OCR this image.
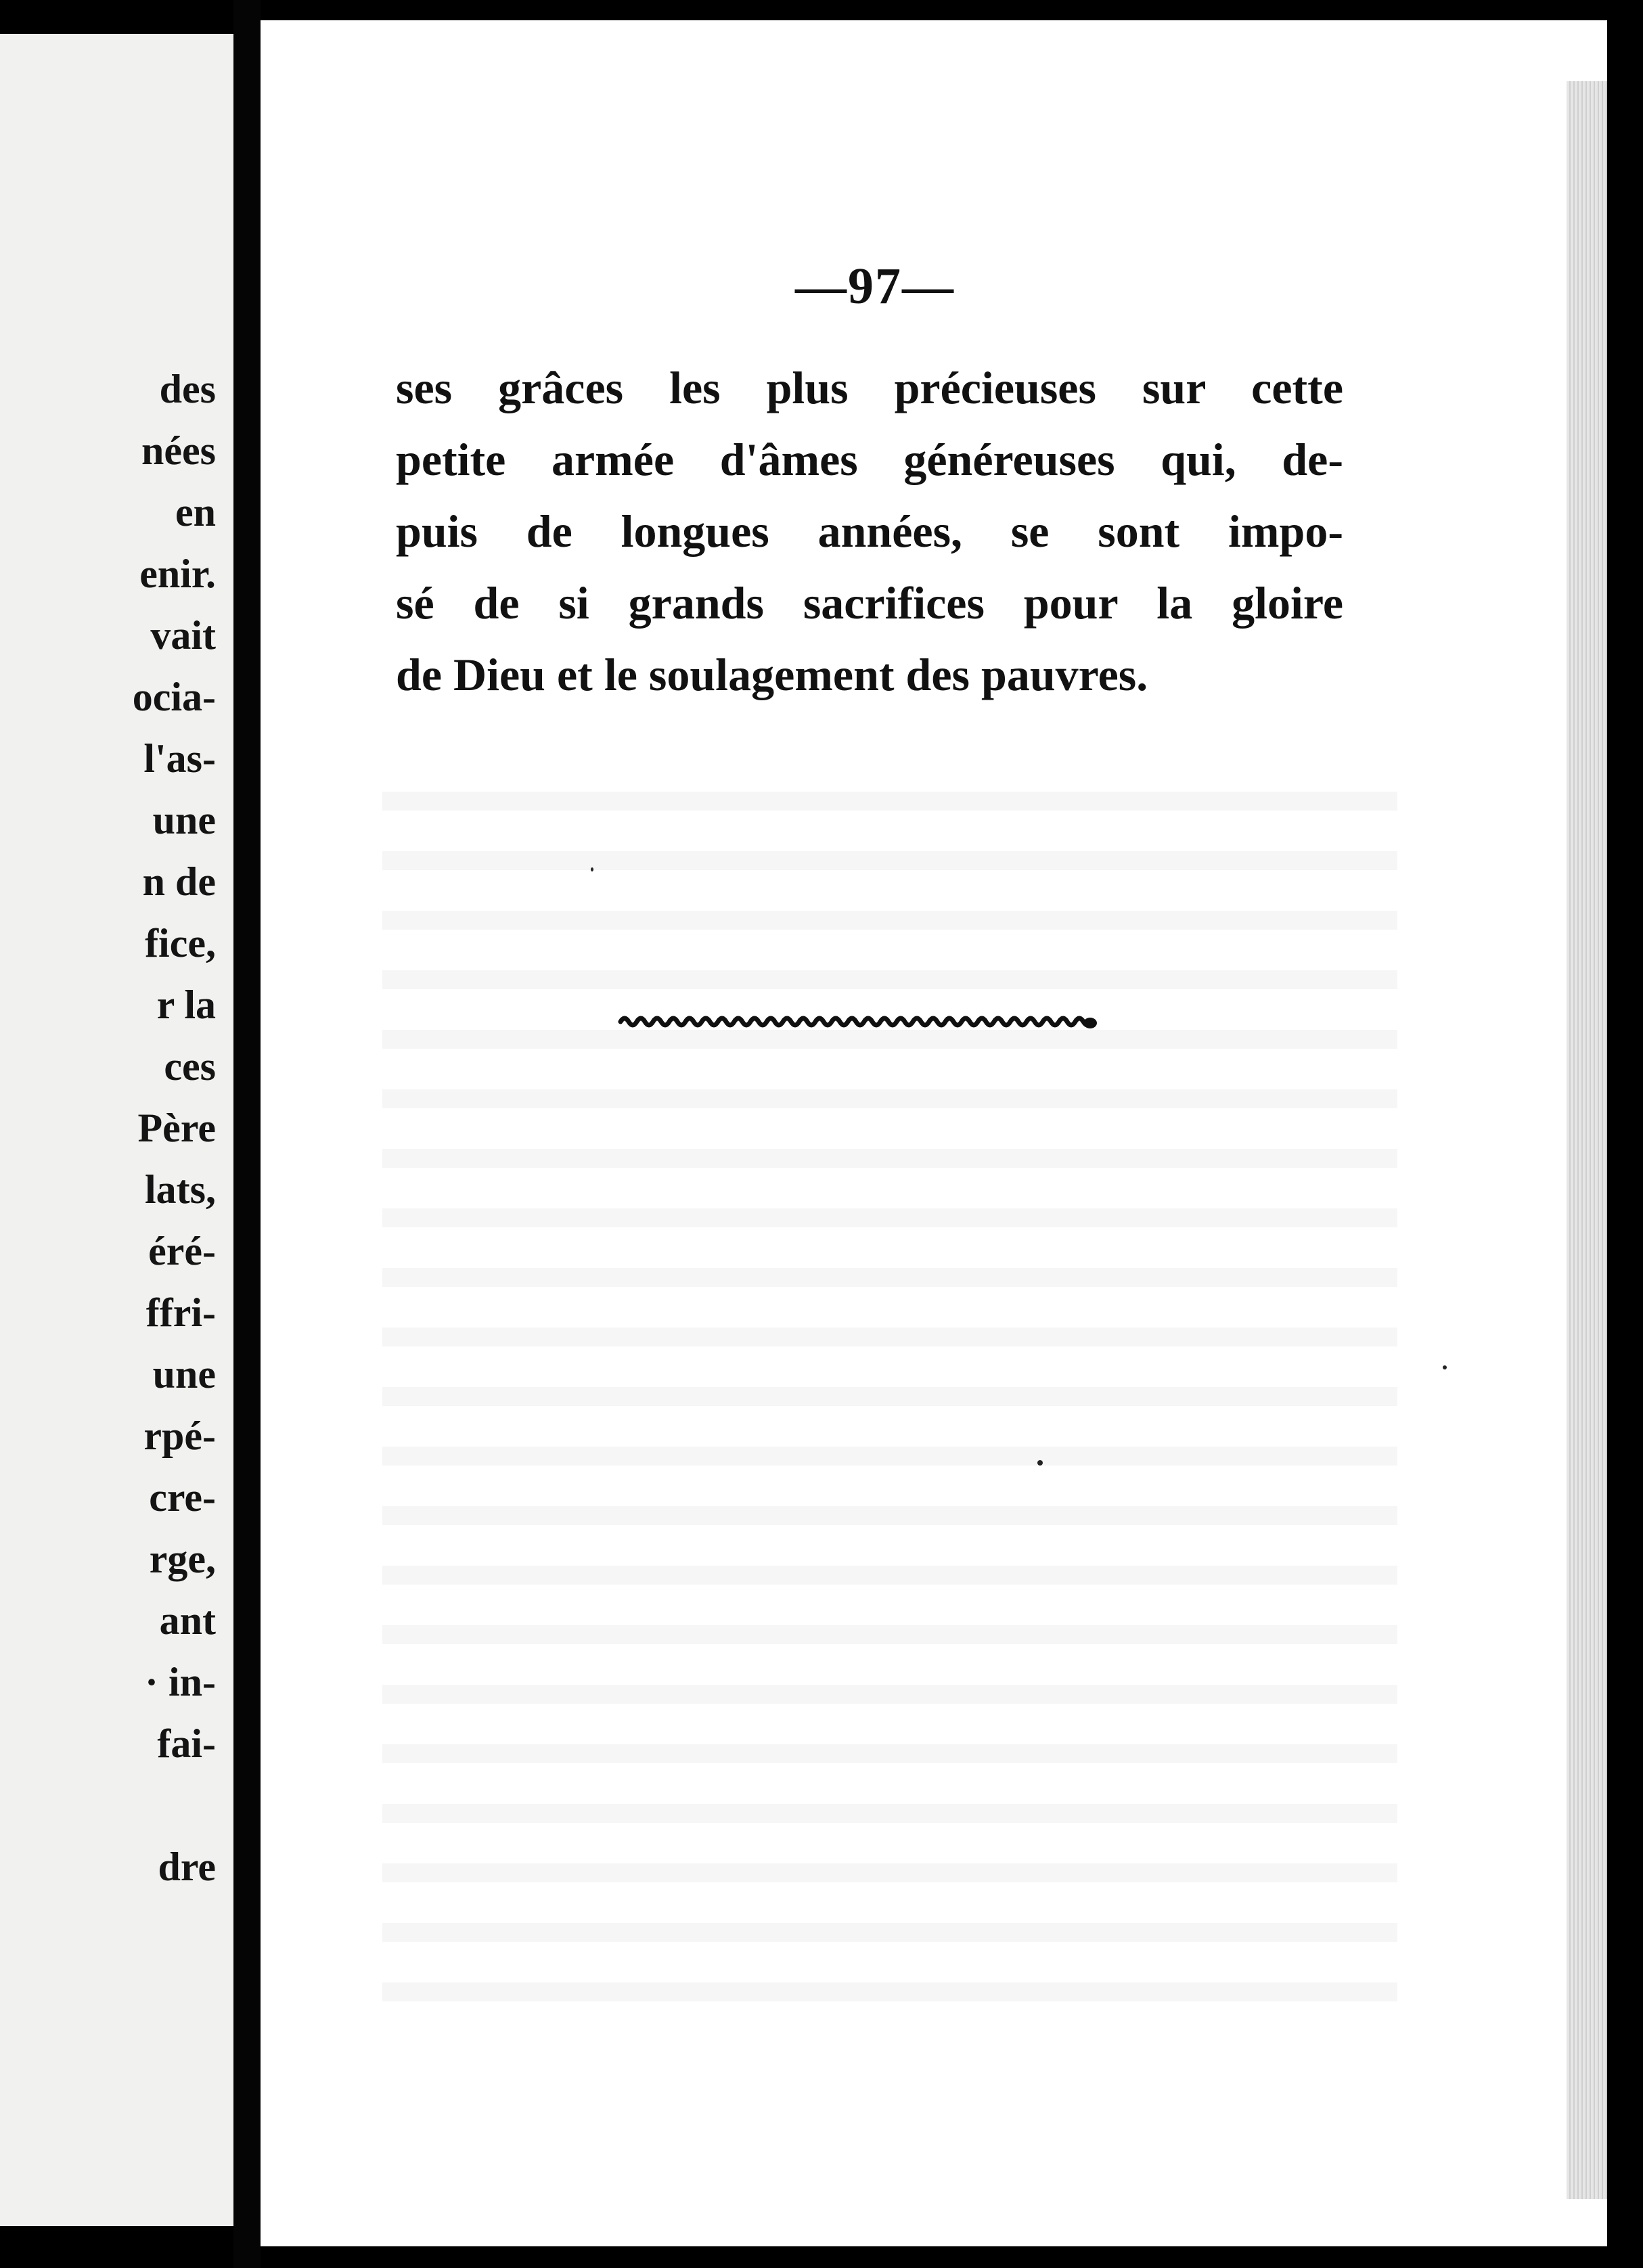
des
nées
en
enir.
vait
ocia-
l'as-
une
n de
fice,
r la
ces
Père
lats,
éré-
ffri-
une
rpé-
cre-
rge,
ant
· in-
fai-
dre

—97—

ses grâces les plus précieuses sur cette
petite armée d'âmes généreuses qui, de-
puis de longues années, se sont impo-
sé de si grands sacrifices pour la gloire
de Dieu et le soulagement des pauvres.
